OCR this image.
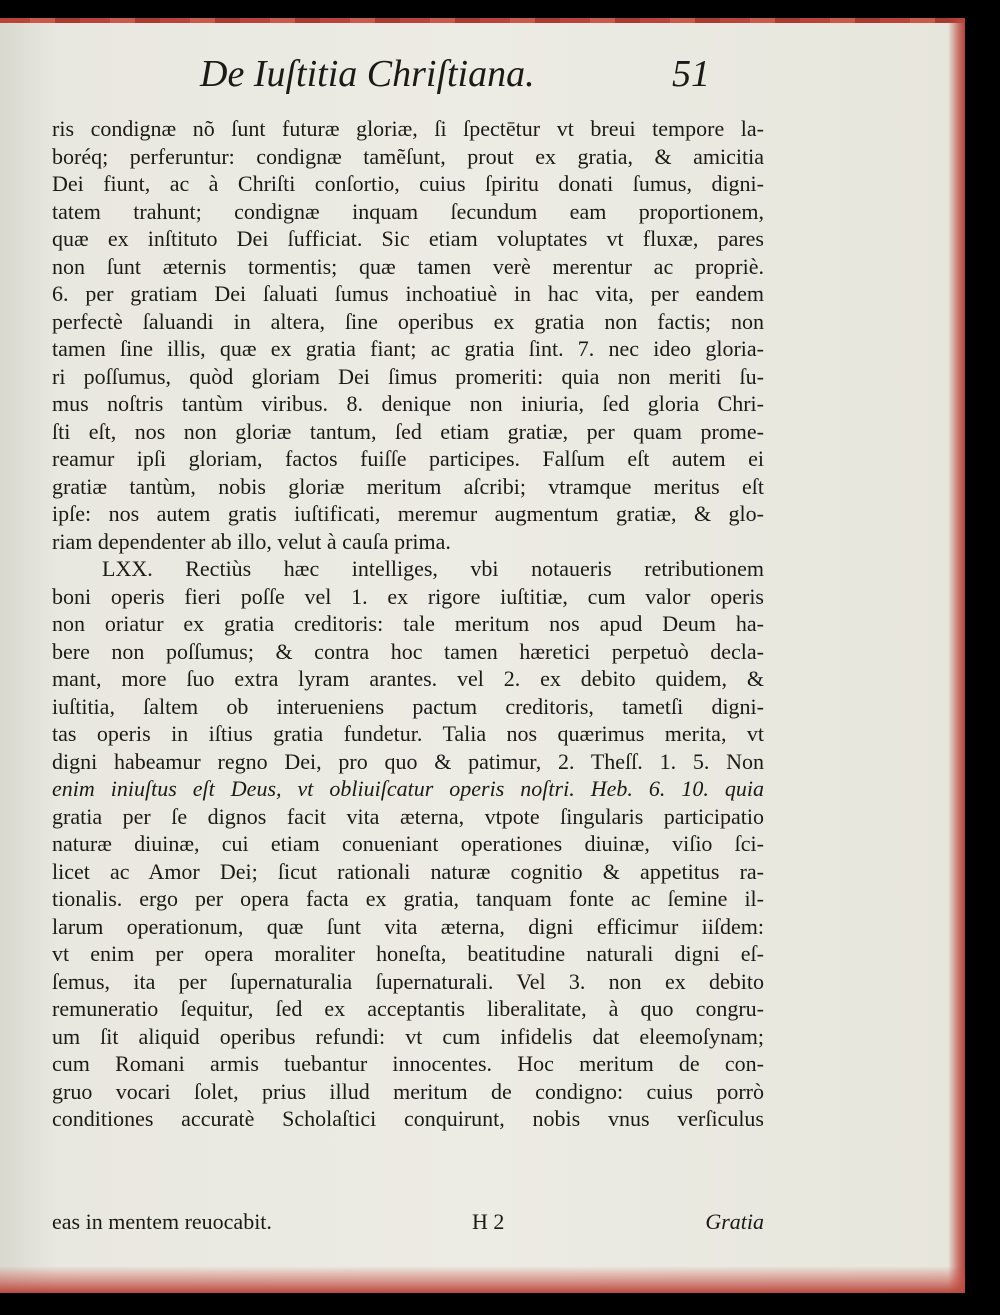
De Iuſtitia Chriſtiana.	51
ris condignæ nõ ſunt futuræ gloriæ, ſi ſpectētur vt breui tempore la-
boréq; perferuntur: condignæ tamẽſunt, prout ex gratia, & amicitia
Dei fiunt, ac à Chriſti conſortio, cuius ſpiritu donati ſumus, digni-
tatem trahunt; condignæ inquam ſecundum eam proportionem,
quæ ex inſtituto Dei ſufficiat. Sic etiam voluptates vt fluxæ, pares
non ſunt æternis tormentis; quæ tamen verè merentur ac propriè.
6. per gratiam Dei ſaluati ſumus inchoatiuè in hac vita, per eandem
perfectè ſaluandi in altera, ſine operibus ex gratia non factis; non
tamen ſine illis, quæ ex gratia fiant; ac gratia ſint. 7. nec ideo gloria-
ri poſſumus, quòd gloriam Dei ſimus promeriti: quia non meriti ſu-
mus noſtris tantùm viribus. 8. denique non iniuria, ſed gloria Chri-
ſti eſt, nos non gloriæ tantum, ſed etiam gratiæ, per quam prome-
reamur ipſi gloriam, factos fuiſſe participes. Falſum eſt autem ei
gratiæ tantùm, nobis gloriæ meritum aſcribi; vtramque meritus eſt
ipſe: nos autem gratis iuſtificati, meremur augmentum gratiæ, & glo-
riam dependenter ab illo, velut à cauſa prima.
LXX. Rectiùs hæc intelliges, vbi notaueris retributionem
boni operis fieri poſſe vel 1. ex rigore iuſtitiæ, cum valor operis
non oriatur ex gratia creditoris: tale meritum nos apud Deum ha-
bere non poſſumus; & contra hoc tamen hæretici perpetuò decla-
mant, more ſuo extra lyram arantes. vel 2. ex debito quidem, &
iuſtitia, ſaltem ob interueniens pactum creditoris, tametſi digni-
tas operis in iſtius gratia fundetur. Talia nos quærimus merita, vt
digni habeamur regno Dei, pro quo & patimur, 2. Theſſ. 1. 5. Non
enim iniuſtus eſt Deus, vt obliuiſcatur operis noſtri. Heb. 6. 10. quia
gratia per ſe dignos facit vita æterna, vtpote ſingularis participatio
naturæ diuinæ, cui etiam conueniant operationes diuinæ, viſio ſci-
licet ac Amor Dei; ſicut rationali naturæ cognitio & appetitus ra-
tionalis. ergo per opera facta ex gratia, tanquam fonte ac ſemine il-
larum operationum, quæ ſunt vita æterna, digni efficimur iiſdem:
vt enim per opera moraliter honeſta, beatitudine naturali digni eſ-
ſemus, ita per ſupernaturalia ſupernaturali. Vel 3. non ex debito
remuneratio ſequitur, ſed ex acceptantis liberalitate, à quo congru-
um ſit aliquid operibus refundi: vt cum infidelis dat eleemoſynam;
cum Romani armis tuebantur innocentes. Hoc meritum de con-
gruo vocari ſolet, prius illud meritum de condigno: cuius porrò
conditiones accuratè Scholaſtici conquirunt, nobis vnus verſiculus
eas in mentem reuocabit.	H 2	Gratia
